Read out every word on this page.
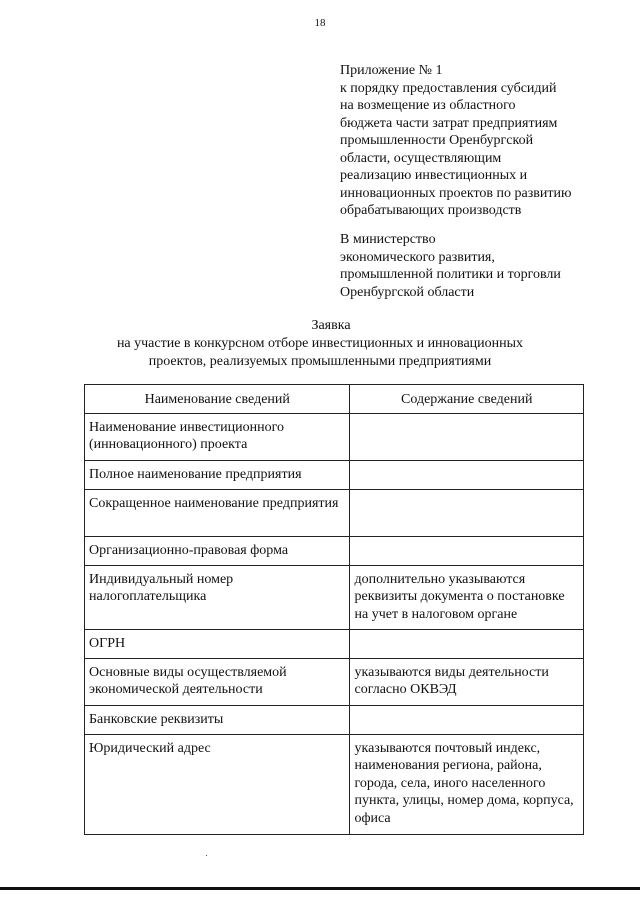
18
Приложение № 1
к порядку предоставления субсидий
на возмещение из областного
бюджета части затрат предприятиям
промышленности Оренбургской
области, осуществляющим
реализацию инвестиционных и
инновационных проектов по развитию
обрабатывающих производств
В министерство
экономического развития,
промышленной политики и торговли
Оренбургской области
Заявка
на участие в конкурсном отборе инвестиционных и инновационных
проектов, реализуемых промышленными предприятиями
Наименование сведений	Содержание сведений
Наименование инвестиционного (инновационного) проекта	
Полное наименование предприятия	
Сокращенное наименование предприятия	
Организационно-правовая форма	
Индивидуальный номер налогоплательщика	дополнительно указываются реквизиты документа о постановке на учет в налоговом органе
ОГРН	
Основные виды осуществляемой экономической деятельности	указываются виды деятельности согласно ОКВЭД
Банковские реквизиты	
Юридический адрес	указываются почтовый индекс, наименования региона, района, города, села, иного населенного пункта, улицы, номер дома, корпуса, офиса
